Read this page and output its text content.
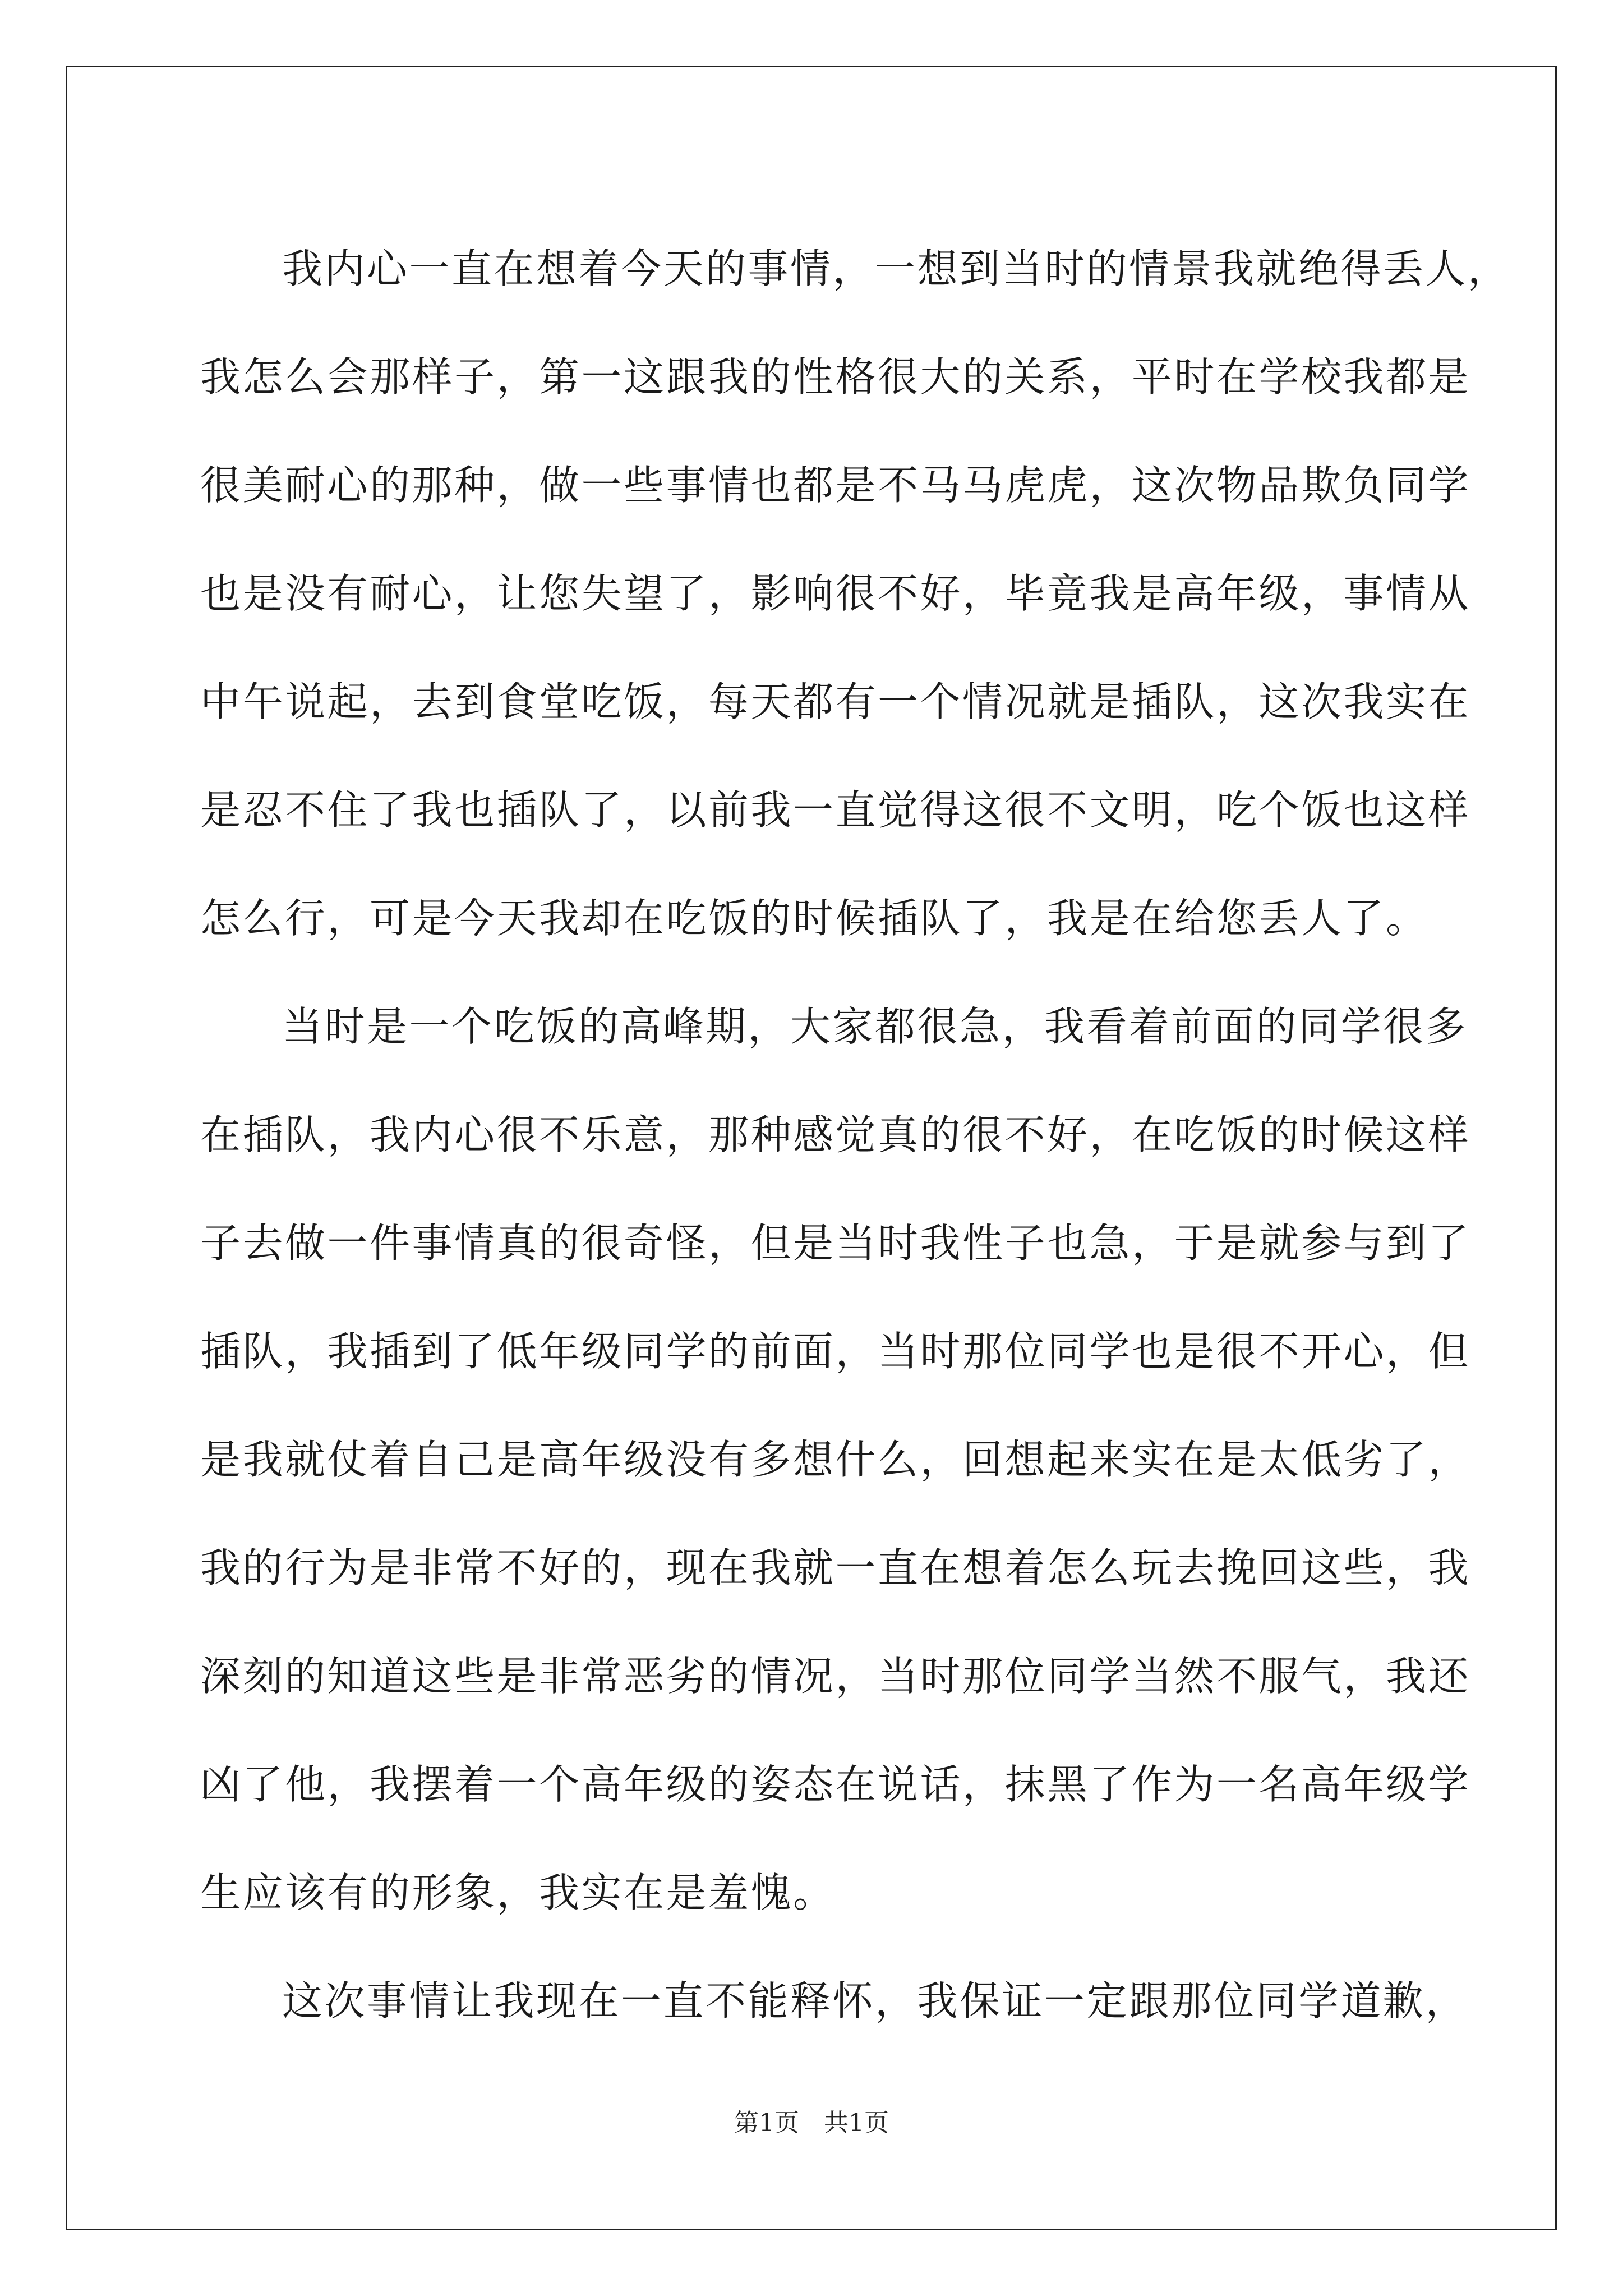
我内心一直在想着今天的事情，一想到当时的情景我就绝得丢人，
我怎么会那样子，第一这跟我的性格很大的关系，平时在学校我都是
很美耐心的那种，做一些事情也都是不马马虎虎，这次物品欺负同学
也是没有耐心，让您失望了，影响很不好，毕竟我是高年级，事情从
中午说起，去到食堂吃饭，每天都有一个情况就是插队，这次我实在
是忍不住了我也插队了，以前我一直觉得这很不文明，吃个饭也这样
怎么行，可是今天我却在吃饭的时候插队了，我是在给您丢人了。
当时是一个吃饭的高峰期，大家都很急，我看着前面的同学很多
在插队，我内心很不乐意，那种感觉真的很不好，在吃饭的时候这样
子去做一件事情真的很奇怪，但是当时我性子也急，于是就参与到了
插队，我插到了低年级同学的前面，当时那位同学也是很不开心，但
是我就仗着自己是高年级没有多想什么，回想起来实在是太低劣了，
我的行为是非常不好的，现在我就一直在想着怎么玩去挽回这些，我
深刻的知道这些是非常恶劣的情况，当时那位同学当然不服气，我还
凶了他，我摆着一个高年级的姿态在说话，抹黑了作为一名高年级学
生应该有的形象，我实在是羞愧。
这次事情让我现在一直不能释怀，我保证一定跟那位同学道歉，
第1页　共1页
